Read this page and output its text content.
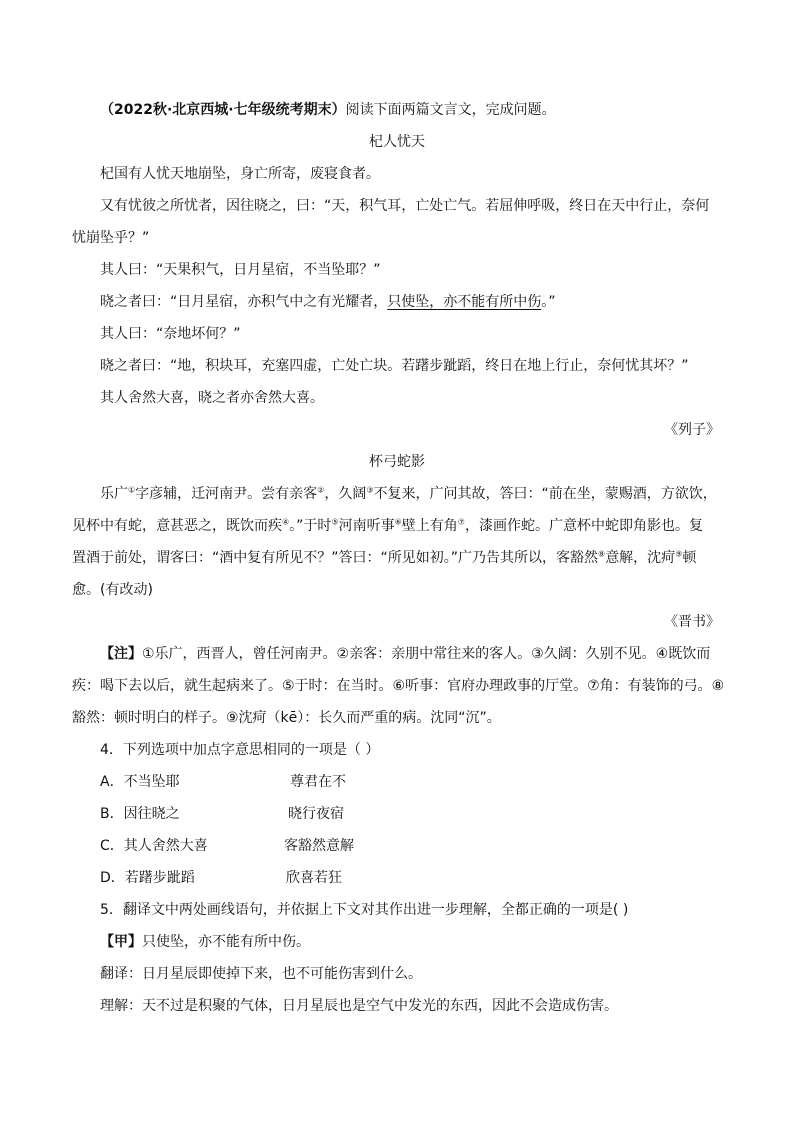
（2022秋·北京西城·七年级统考期末）阅读下面两篇文言文，完成问题。
杞人忧天
杞国有人忧天地崩坠，身亡所寄，废寝食者。
又有忧彼之所忧者，因往晓之，曰：“天，积气耳，亡处亡气。若屈伸呼吸，终日在天中行止，奈何
忧崩坠乎？”
其人曰：“天果积气，日月星宿，不当坠耶？”
晓之者曰：“日月星宿，亦积气中之有光耀者，只使坠，亦不能有所中伤。”
其人曰：“奈地坏何？”
晓之者曰：“地，积块耳，充塞四虚，亡处亡块。若躇步跐蹈，终日在地上行止，奈何忧其坏？”
其人舍然大喜，晓之者亦舍然大喜。
《列子》
杯弓蛇影
乐广①字彦辅，迁河南尹。尝有亲客②，久阔③不复来，广问其故，答曰：“前在坐，蒙赐酒，方欲饮，
见杯中有蛇，意甚恶之，既饮而疾④。”于时⑤河南听事⑥壁上有角⑦，漆画作蛇。广意杯中蛇即角影也。复
置酒于前处，谓客曰：“酒中复有所见不？”答曰：“所见如初。”广乃告其所以，客豁然⑧意解，沈疴⑨顿
愈。(有改动)
《晋书》
【注】①乐广，西晋人，曾任河南尹。②亲客：亲朋中常往来的客人。③久阔：久别不见。④既饮而
疾：喝下去以后，就生起病来了。⑤于时：在当时。⑥听事：官府办理政事的厅堂。⑦角：有装饰的弓。⑧
豁然：顿时明白的样子。⑨沈疴（kē）：长久而严重的病。沈同“沉”。
4．下列选项中加点字意思相同的一项是（ ）
A．不当坠耶	尊君在不
B．因往晓之	晓行夜宿
C．其人舍然大喜	客豁然意解
D．若躇步跐蹈	欣喜若狂
5．翻译文中两处画线语句，并依据上下文对其作出进一步理解，全都正确的一项是( )
【甲】只使坠，亦不能有所中伤。
翻译：日月星辰即使掉下来，也不可能伤害到什么。
理解：天不过是积聚的气体，日月星辰也是空气中发光的东西，因此不会造成伤害。
